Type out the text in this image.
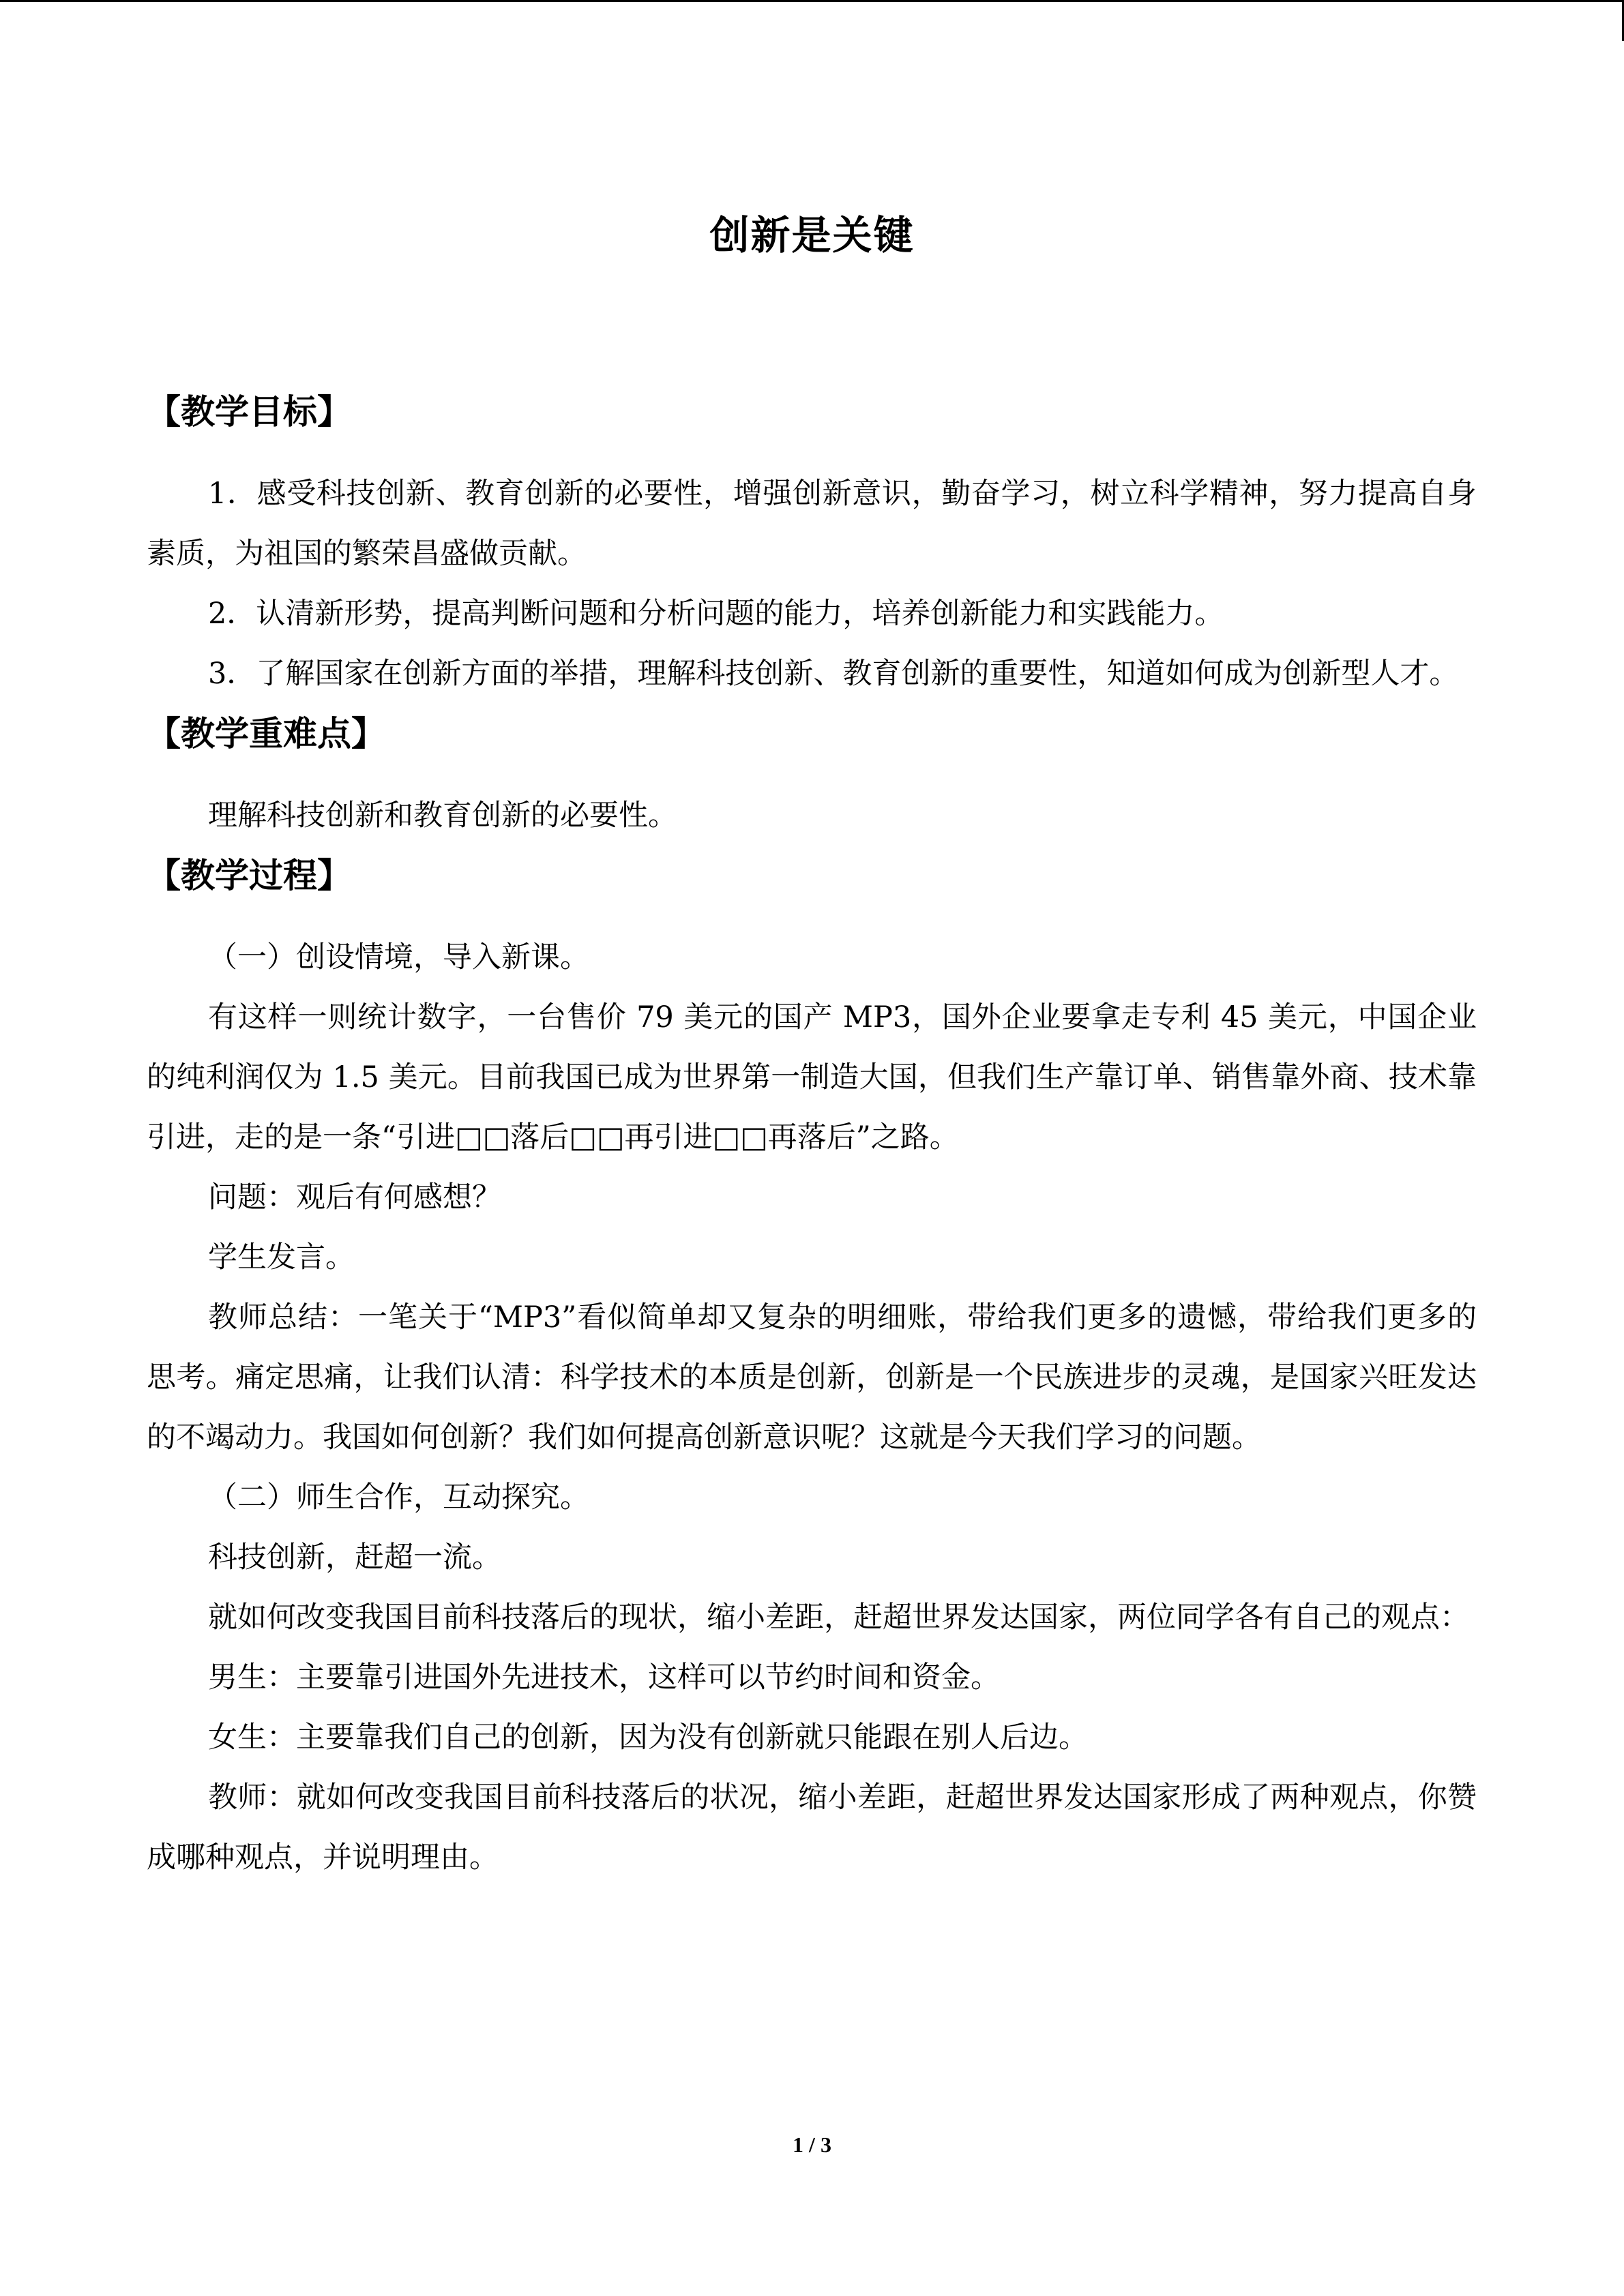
创新是关键
【教学目标】

1．感受科技创新、教育创新的必要性，增强创新意识，勤奋学习，树立科学精神，努力提高自身素质，为祖国的繁荣昌盛做贡献。

2．认清新形势，提高判断问题和分析问题的能力，培养创新能力和实践能力。

3．了解国家在创新方面的举措，理解科技创新、教育创新的重要性，知道如何成为创新型人才。

【教学重难点】

理解科技创新和教育创新的必要性。

【教学过程】

（一）创设情境，导入新课。

有这样一则统计数字，一台售价 79 美元的国产 MP3，国外企业要拿走专利 45 美元，中国企业的纯利润仅为 1.5 美元。目前我国已成为世界第一制造大国，但我们生产靠订单、销售靠外商、技术靠引进，走的是一条“引进□□落后□□再引进□□再落后”之路。

问题：观后有何感想？

学生发言。

教师总结：一笔关于“MP3”看似简单却又复杂的明细账，带给我们更多的遗憾，带给我们更多的思考。痛定思痛，让我们认清：科学技术的本质是创新，创新是一个民族进步的灵魂，是国家兴旺发达的不竭动力。我国如何创新？我们如何提高创新意识呢？这就是今天我们学习的问题。

（二）师生合作，互动探究。

科技创新，赶超一流。

就如何改变我国目前科技落后的现状，缩小差距，赶超世界发达国家，两位同学各有自己的观点：

男生：主要靠引进国外先进技术，这样可以节约时间和资金。

女生：主要靠我们自己的创新，因为没有创新就只能跟在别人后边。

教师：就如何改变我国目前科技落后的状况，缩小差距，赶超世界发达国家形成了两种观点，你赞成哪种观点，并说明理由。

1 / 3
